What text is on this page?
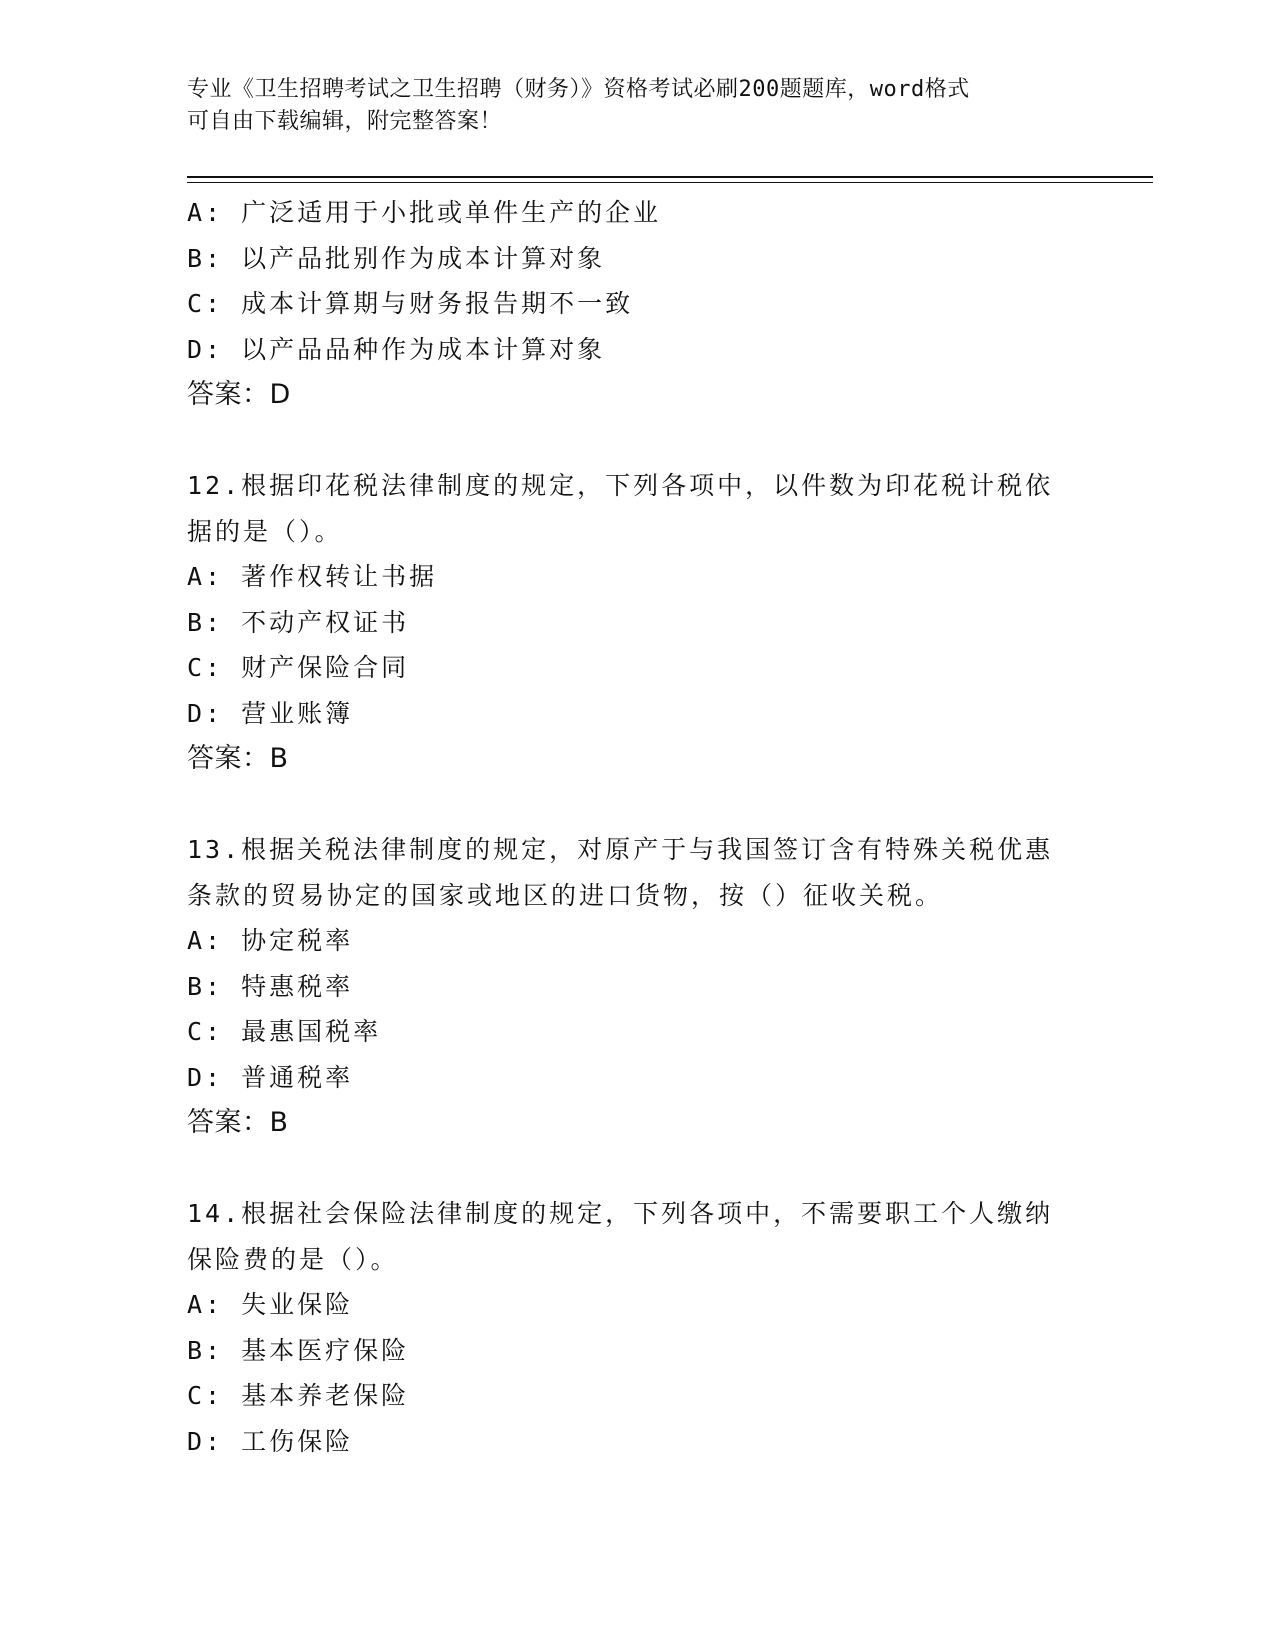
专业《卫生招聘考试之卫生招聘（财务）》资格考试必刷200题题库，word格式
可自由下载编辑，附完整答案！
A: 广泛适用于小批或单件生产的企业
B: 以产品批别作为成本计算对象
C: 成本计算期与财务报告期不一致
D: 以产品品种作为成本计算对象
答案：D
12.根据印花税法律制度的规定，下列各项中，以件数为印花税计税依
据的是（）。
A: 著作权转让书据
B: 不动产权证书
C: 财产保险合同
D: 营业账簿
答案：B
13.根据关税法律制度的规定，对原产于与我国签订含有特殊关税优惠
条款的贸易协定的国家或地区的进口货物，按（）征收关税。
A: 协定税率
B: 特惠税率
C: 最惠国税率
D: 普通税率
答案：B
14.根据社会保险法律制度的规定，下列各项中，不需要职工个人缴纳
保险费的是（）。
A: 失业保险
B: 基本医疗保险
C: 基本养老保险
D: 工伤保险
